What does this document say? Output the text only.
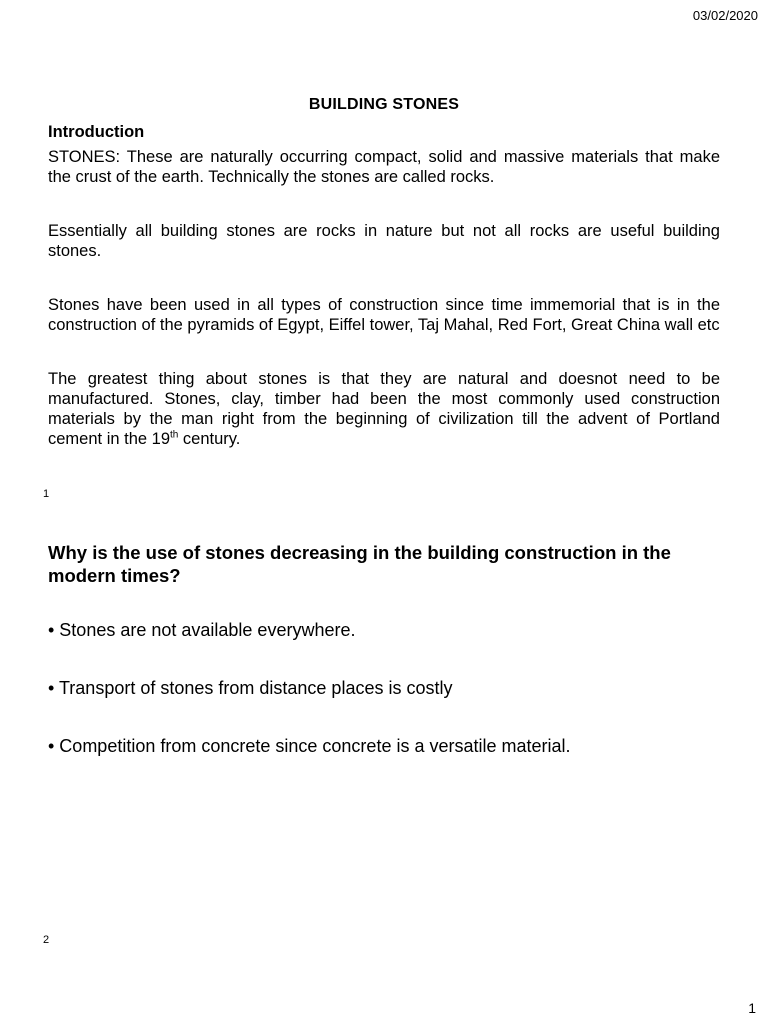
03/02/2020
BUILDING STONES
Introduction

STONES: These are naturally occurring compact, solid and massive materials that make the crust of the earth. Technically the stones are called rocks.

Essentially all building stones are rocks in nature but not all rocks are useful building stones.

Stones have been used in all types of construction since time immemorial that is in the construction of the pyramids of Egypt, Eiffel tower, Taj Mahal, Red Fort, Great China wall etc

The greatest thing about stones is that they are natural and doesnot need to be manufactured. Stones, clay, timber had been the most commonly used construction materials by the man right from the beginning of civilization till the advent of Portland cement in the 19th century.

1
Why is the use of stones decreasing in the building construction in the modern times?
• Stones are not available everywhere.
• Transport of stones from distance places is costly
• Competition from concrete since concrete is a versatile material.
2
1
